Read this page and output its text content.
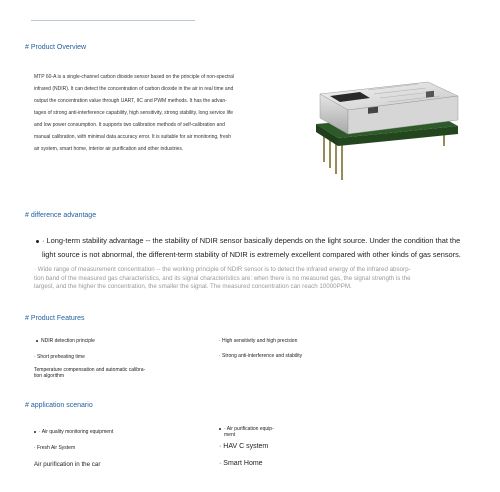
# Product Overview
MTP 60-A is a single-channel carbon dioxide sensor based on the principle of non-spectral
infrared (NDIR). It can detect the concentration of carbon dioxide in the air in real time and
output the concentration value through UART, IIC and PWM methods. It has the advan-
tages of strong anti-interference capability, high sensitivity, strong stability, long service life
and low power consumption. It supports two calibration methods of self-calibration and
manual calibration, with minimal data accuracy error. It is suitable for air monitoring, fresh
air system, smart home, interior air purification and other industries.
# difference advantage
· Long-term stability advantage -- the stability of NDIR sensor basically depends on the light source. Under the condition that the
light source is not abnormal, the different-term stability of NDIR is extremely excellent compared with other kinds of gas sensors.
· Wide range of measurement concentration -- the working principle of NDIR sensor is to detect the infrared energy of the infrared absorp-
tion band of the measured gas characteristics, and its signal characteristics are: when there is no measured gas, the signal strength is the
largest, and the higher the concentration, the smaller the signal. The measured concentration can reach 10000PPM.
# Product Features
NDIR detection principle	· High sensitivity and high precision
· Short preheating time	· Strong anti-interference and stability
Temperature compensation and automatic calibra-
tion algorithm
# application scenario
· Air quality monitoring equipment	· Air purification equip-
ment
· Fresh Air System	· HAV C system
Air purification in the car	· Smart Home
